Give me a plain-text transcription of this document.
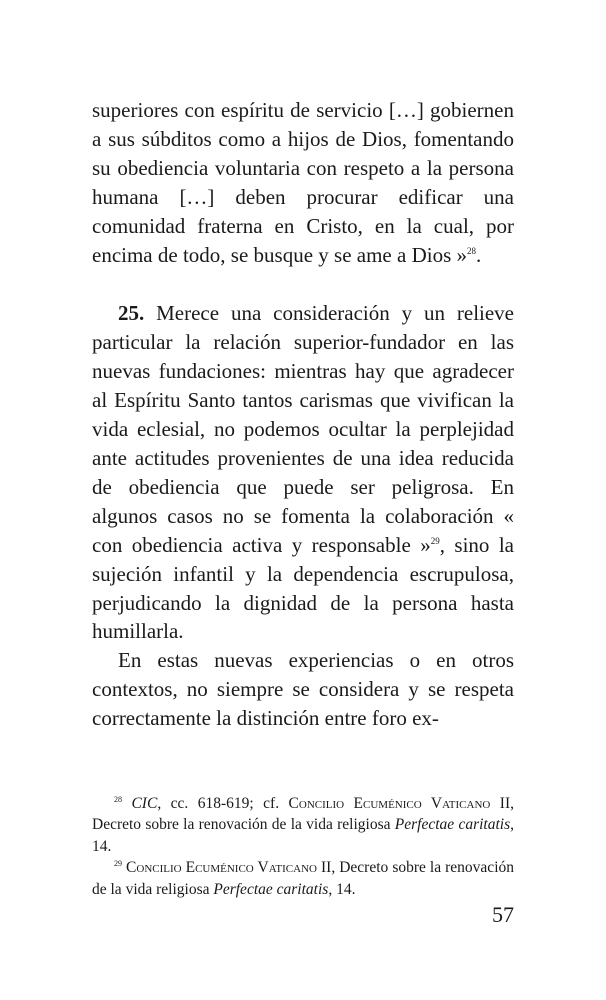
superiores con espíritu de servicio […] gobiernen a sus súbditos como a hijos de Dios, fomentando su obediencia voluntaria con respeto a la persona humana […] deben procurar edificar una comunidad fraterna en Cristo, en la cual, por encima de todo, se busque y se ame a Dios »$^{28}$.

25. Merece una consideración y un relieve particular la relación superior-fundador en las nuevas fundaciones: mientras hay que agradecer al Espíritu Santo tantos carismas que vivifican la vida eclesial, no podemos ocultar la perplejidad ante actitudes provenientes de una idea reducida de obediencia que puede ser peligrosa. En algunos casos no se fomenta la colaboración « con obediencia activa y responsable »$^{29}$, sino la sujeción infantil y la dependencia escrupulosa, perjudicando la dignidad de la persona hasta humillarla.

En estas nuevas experiencias o en otros contextos, no siempre se considera y se respeta correctamente la distinción entre foro ex-

$^{28}$ CIC, cc. 618-619; cf. Concilio Ecuménico Vaticano II, Decreto sobre la renovación de la vida religiosa Perfectae caritatis, 14.

$^{29}$ Concilio Ecuménico Vaticano II, Decreto sobre la renovación de la vida religiosa Perfectae caritatis, 14.

57
